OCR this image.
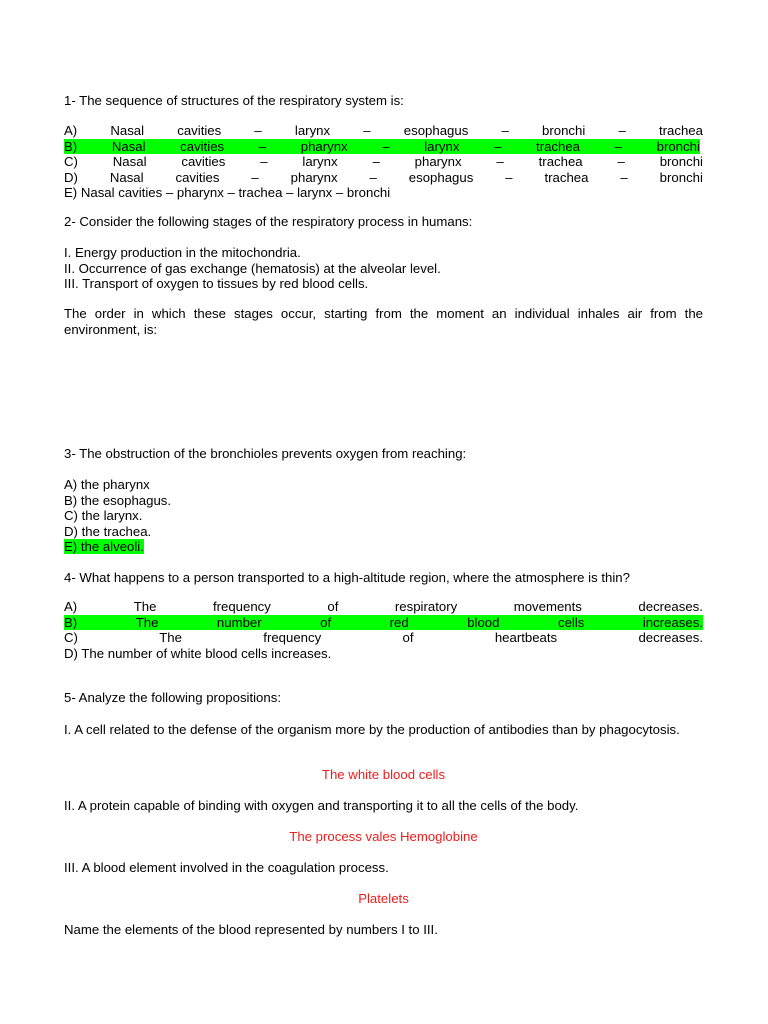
1- The sequence of structures of the respiratory system is:
A)	Nasal	cavities	–	larynx	–	esophagus	–	bronchi	–	trachea
B)	Nasal	cavities	–	pharynx	–	larynx	–	trachea	–	bronchi
C)	Nasal	cavities	–	larynx	–	pharynx	–	trachea	–	bronchi
D) Nasal cavities – pharynx – esophagus – trachea – bronchi
E) Nasal cavities – pharynx – trachea – larynx – bronchi
2- Consider the following stages of the respiratory process in humans:
I. Energy production in the mitochondria.
II. Occurrence of gas exchange (hematosis) at the alveolar level.
III. Transport of oxygen to tissues by red blood cells.
The order in which these stages occur, starting from the moment an individual inhales air from the environment, is:
3- The obstruction of the bronchioles prevents oxygen from reaching:
A) the pharynx
B) the esophagus.
C) the larynx.
D) the trachea.
E) the alveoli.
4- What happens to a person transported to a high-altitude region, where the atmosphere is thin?
A)	The	frequency	of	respiratory	movements	decreases.
B)	The	number	of	red	blood	cells	increases.
C)	The	frequency	of	heartbeats	decreases.
D) The number of white blood cells increases.
5- Analyze the following propositions:
I. A cell related to the defense of the organism more by the production of antibodies than by phagocytosis.
The white blood cells
II. A protein capable of binding with oxygen and transporting it to all the cells of the body.
The process vales Hemoglobine
III. A blood element involved in the coagulation process.
Platelets
Name the elements of the blood represented by numbers I to III.
